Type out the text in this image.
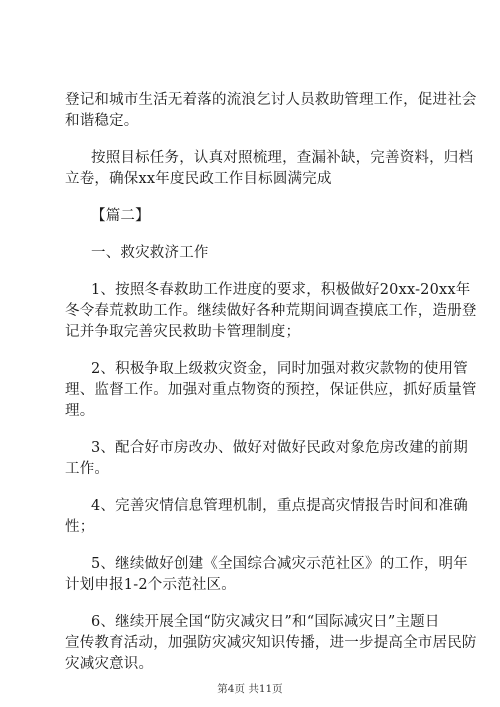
登记和城市生活无着落的流浪乞讨人员救助管理工作，促进社会
和谐稳定。
按照目标任务，认真对照梳理，查漏补缺，完善资料，归档
立卷，确保xx年度民政工作目标圆满完成
【篇二】
一、救灾救济工作
1、按照冬春救助工作进度的要求，积极做好20xx-20xx年
冬令春荒救助工作。继续做好各种荒期间调查摸底工作，造册登
记并争取完善灾民救助卡管理制度；
2、积极争取上级救灾资金，同时加强对救灾款物的使用管
理、监督工作。加强对重点物资的预控，保证供应，抓好质量管
理。
3、配合好市房改办、做好对做好民政对象危房改建的前期
工作。
4、完善灾情信息管理机制，重点提高灾情报告时间和准确
性；
5、继续做好创建《全国综合减灾示范社区》的工作，明年
计划申报1-2个示范社区。
6、继续开展全国“防灾减灾日”和“国际减灾日”主题日
宣传教育活动，加强防灾减灾知识传播，进一步提高全市居民防
灾减灾意识。
第4页 共11页
